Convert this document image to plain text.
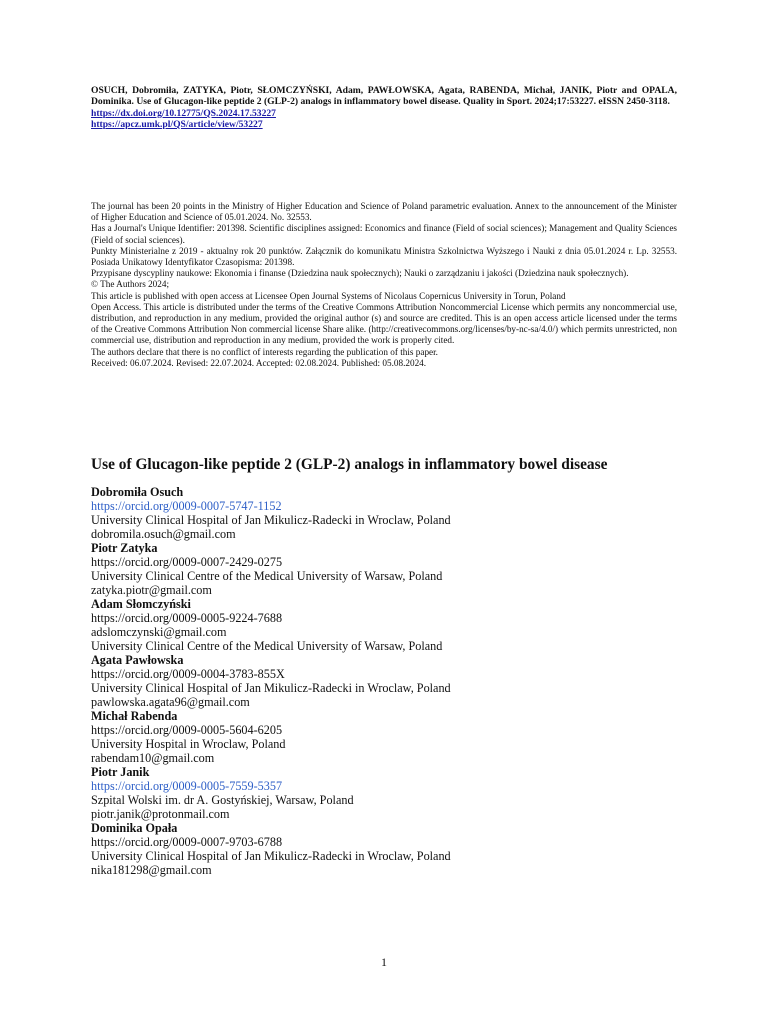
OSUCH, Dobromiła, ZATYKA, Piotr, SŁOMCZYŃSKI, Adam, PAWŁOWSKA, Agata, RABENDA, Michał, JANIK, Piotr and OPALA, Dominika. Use of Glucagon-like peptide 2 (GLP-2) analogs in inflammatory bowel disease. Quality in Sport. 2024;17:53227. eISSN 2450-3118.
https://dx.doi.org/10.12775/QS.2024.17.53227
https://apcz.umk.pl/QS/article/view/53227

The journal has been 20 points in the Ministry of Higher Education and Science of Poland parametric evaluation. Annex to the announcement of the Minister of Higher Education and Science of 05.01.2024. No. 32553.

Has a Journal's Unique Identifier: 201398. Scientific disciplines assigned: Economics and finance (Field of social sciences); Management and Quality Sciences (Field of social sciences).

Punkty Ministerialne z 2019 - aktualny rok 20 punktów. Załącznik do komunikatu Ministra Szkolnictwa Wyższego i Nauki z dnia 05.01.2024 r. Lp. 32553. Posiada Unikatowy Identyfikator Czasopisma: 201398.

Przypisane dyscypliny naukowe: Ekonomia i finanse (Dziedzina nauk społecznych); Nauki o zarządzaniu i jakości (Dziedzina nauk społecznych).

© The Authors 2024;

This article is published with open access at Licensee Open Journal Systems of Nicolaus Copernicus University in Torun, Poland

Open Access. This article is distributed under the terms of the Creative Commons Attribution Noncommercial License which permits any noncommercial use, distribution, and reproduction in any medium, provided the original author (s) and source are credited. This is an open access article licensed under the terms of the Creative Commons Attribution Non commercial license Share alike. (http://creativecommons.org/licenses/by-nc-sa/4.0/) which permits unrestricted, non commercial use, distribution and reproduction in any medium, provided the work is properly cited.

The authors declare that there is no conflict of interests regarding the publication of this paper.

Received: 06.07.2024. Revised: 22.07.2024. Accepted: 02.08.2024. Published: 05.08.2024.

Use of Glucagon-like peptide 2 (GLP-2) analogs in inflammatory bowel disease
Dobromiła Osuch
https://orcid.org/0009-0007-5747-1152
University Clinical Hospital of Jan Mikulicz-Radecki in Wroclaw, Poland
dobromila.osuch@gmail.com
Piotr Zatyka
https://orcid.org/0009-0007-2429-0275
University Clinical Centre of the Medical University of Warsaw, Poland
zatyka.piotr@gmail.com
Adam Słomczyński
https://orcid.org/0009-0005-9224-7688
adslomczynski@gmail.com
University Clinical Centre of the Medical University of Warsaw, Poland
Agata Pawłowska
https://orcid.org/0009-0004-3783-855X
University Clinical Hospital of Jan Mikulicz-Radecki in Wroclaw, Poland
pawlowska.agata96@gmail.com
Michał Rabenda
https://orcid.org/0009-0005-5604-6205
University Hospital in Wroclaw, Poland
rabendam10@gmail.com
Piotr Janik
https://orcid.org/0009-0005-7559-5357
Szpital Wolski im. dr A. Gostyńskiej, Warsaw, Poland
piotr.janik@protonmail.com
Dominika Opała
https://orcid.org/0009-0007-9703-6788
University Clinical Hospital of Jan Mikulicz-Radecki in Wroclaw, Poland
nika181298@gmail.com
1
